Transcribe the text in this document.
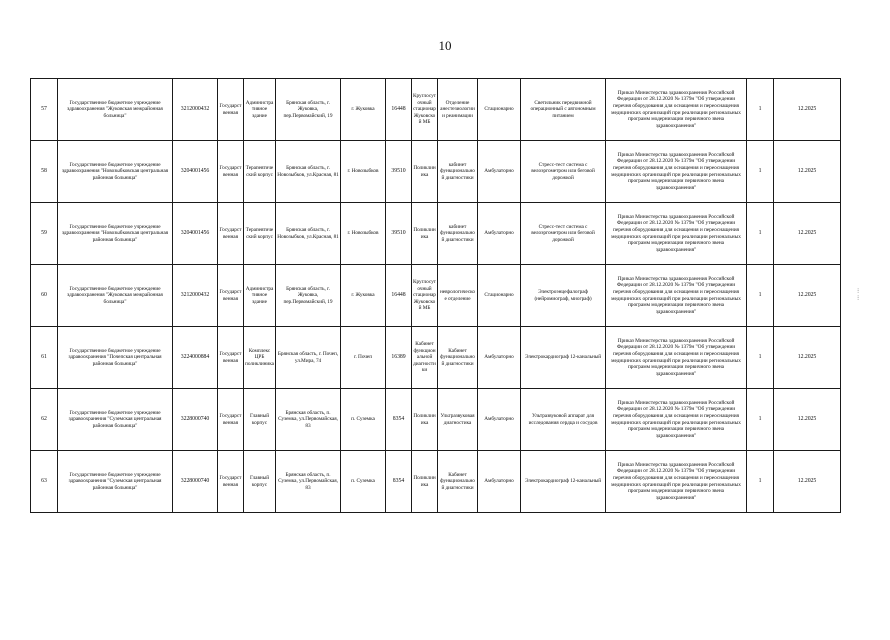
10
57	Государственное бюджетное учреждение здравоохранения "Жуковская межрайонная больница"	3212000432	Государственная	Административное здание	Брянская область, г. Жуковка, пер.Первомайский, 19	г. Жуковка	16448	Круглосуточный стационар Жуковской МБ	Отделение анестезиологии и реанимации	Стационарно	Светильник передвижной операционный с автономным питанием	Приказ Министерства здравоохранения Российской Федерации от 28.12.2020 № 1379н "Об утверждении перечня оборудования для оснащения и переоснащения медицинских организаций при реализации региональных программ модернизации первичного звена здравоохранения"	1	12.2025
58	Государственное бюджетное учреждение здравоохранения "Новозыбковская центральная районная больница"	3204001456	Государственная	Терапевтический корпус	Брянская область, г. Новозыбков, ул.Красная, 81	г. Новозыбков	39510	Поликлиника	кабинет функциональной диагностики	Амбулаторно	Стресс-тест система с велоэргометром или беговой дорожкой	Приказ Министерства здравоохранения Российской Федерации от 28.12.2020 № 1379н "Об утверждении перечня оборудования для оснащения и переоснащения медицинских организаций при реализации региональных программ модернизации первичного звена здравоохранения"	1	12.2025
59	Государственное бюджетное учреждение здравоохранения "Новозыбковская центральная районная больница"	3204001456	Государственная	Терапевтический корпус	Брянская область, г. Новозыбков, ул.Красная, 81	г. Новозыбков	39510	Поликлиника	кабинет функциональной диагностики	Амбулаторно	Стресс-тест система с велоэргометром или беговой дорожкой	Приказ Министерства здравоохранения Российской Федерации от 28.12.2020 № 1379н "Об утверждении перечня оборудования для оснащения и переоснащения медицинских организаций при реализации региональных программ модернизации первичного звена здравоохранения"	1	12.2025
60	Государственное бюджетное учреждение здравоохранения "Жуковская межрайонная больница"	3212000432	Государственная	Административное здание	Брянская область, г. Жуковка, пер.Первомайский, 19	г. Жуковка	16448	Круглосуточный стационар Жуковской МБ	неврологическое отделение	Стационарно	Электроэнцефалограф (нейромиограф, миограф)	Приказ Министерства здравоохранения Российской Федерации от 28.12.2020 № 1379н "Об утверждении перечня оборудования для оснащения и переоснащения медицинских организаций при реализации региональных программ модернизации первичного звена здравоохранения"	1	12.2025
61	Государственное бюджетное учреждение здравоохранения "Почепская центральная районная больница"	3224000884	Государственная	Комплекс ЦРБ поликлиника	Брянская область, г. Почеп, ул.Мира, 74	г. Почеп	16389	Кабинет функциональной диагностики	Кабинет функциональной диагностики	Амбулаторно	Электрокардиограф 12-канальный	Приказ Министерства здравоохранения Российской Федерации от 28.12.2020 № 1379н "Об утверждении перечня оборудования для оснащения и переоснащения медицинских организаций при реализации региональных программ модернизации первичного звена здравоохранения"	1	12.2025
62	Государственное бюджетное учреждение здравоохранения "Суземская центральная районная больница"	3228000740	Государственная	Главный корпус	Брянская область, п. Суземка, ул.Первомайская, 83	п. Суземка	8354	Поликлиника	Ультразвуковая диагностика	Амбулаторно	Ультразвуковой аппарат для исследования сердца и сосудов	Приказ Министерства здравоохранения Российской Федерации от 28.12.2020 № 1379н "Об утверждении перечня оборудования для оснащения и переоснащения медицинских организаций при реализации региональных программ модернизации первичного звена здравоохранения"	1	12.2025
63	Государственное бюджетное учреждение здравоохранения "Суземская центральная районная больница"	3228000740	Государственная	Главный корпус	Брянская область, п. Суземка, ул.Первомайская, 83	п. Суземка	8354	Поликлиника	Кабинет функциональной диагностики	Амбулаторно	Электрокардиограф 12-канальный	Приказ Министерства здравоохранения Российской Федерации от 28.12.2020 № 1379н "Об утверждении перечня оборудования для оснащения и переоснащения медицинских организаций при реализации региональных программ модернизации первичного звена здравоохранения"	1	12.2025
⁝
⁝
